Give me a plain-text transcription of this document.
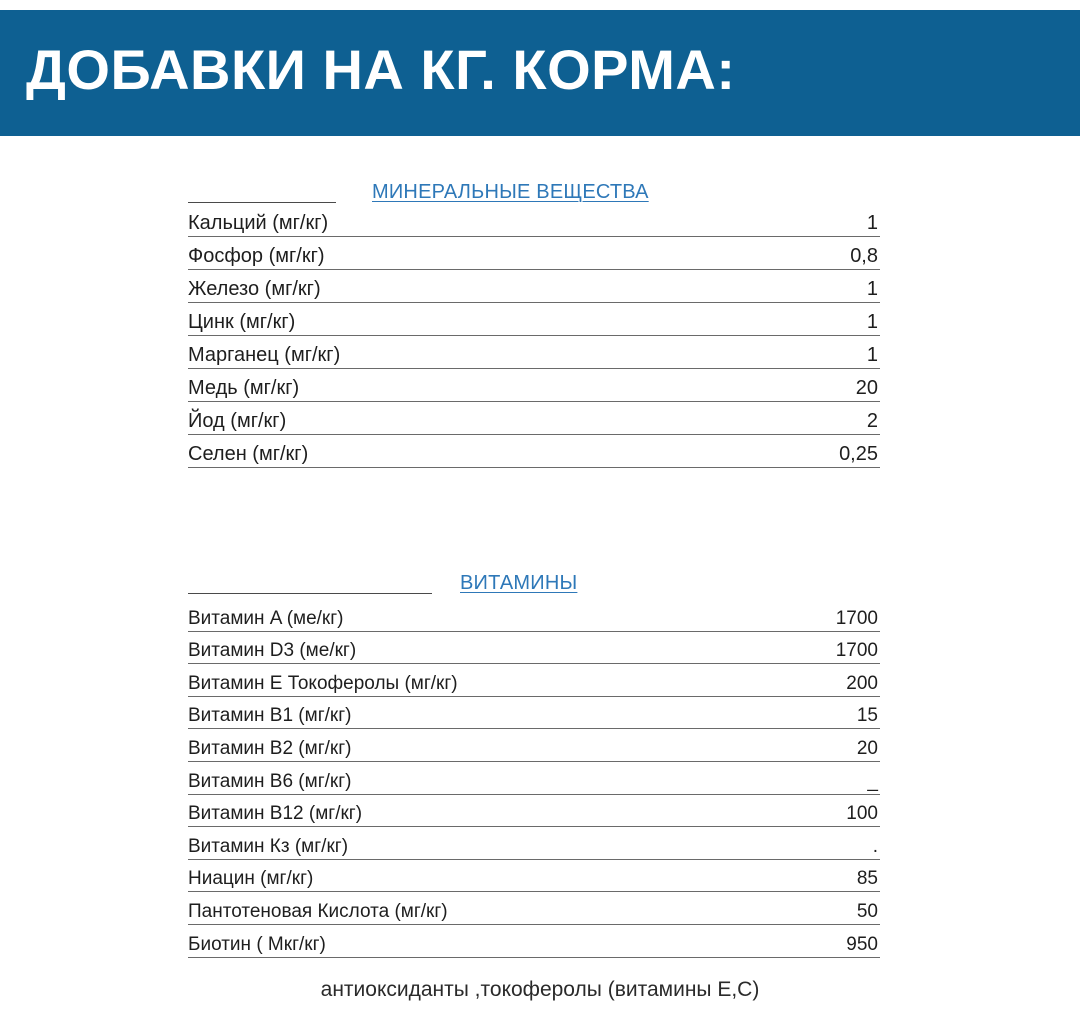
ДОБАВКИ НА КГ. КОРМА:
МИНЕРАЛЬНЫЕ ВЕЩЕСТВА
Кальций (мг/кг)	1
Фосфор (мг/кг)	0,8
Железо (мг/кг)	1
Цинк (мг/кг)	1
Марганец (мг/кг)	1
Медь (мг/кг)	20
Йод (мг/кг)	2
Селен (мг/кг)	0,25
ВИТАМИНЫ
Витамин A (ме/кг)	1700
Витамин D3 (ме/кг)	1700
Витамин E Токоферолы (мг/кг)	200
Витамин B1 (мг/кг)	15
Витамин B2 (мг/кг)	20
Витамин B6 (мг/кг)	_
Витамин B12 (мг/кг)	100
Витамин Кз (мг/кг)	.
Ниацин (мг/кг)	85
Пантотеновая Кислота (мг/кг)	50
Биотин ( Мкг/кг)	950
антиоксиданты ,токоферолы (витамины Е,С)
